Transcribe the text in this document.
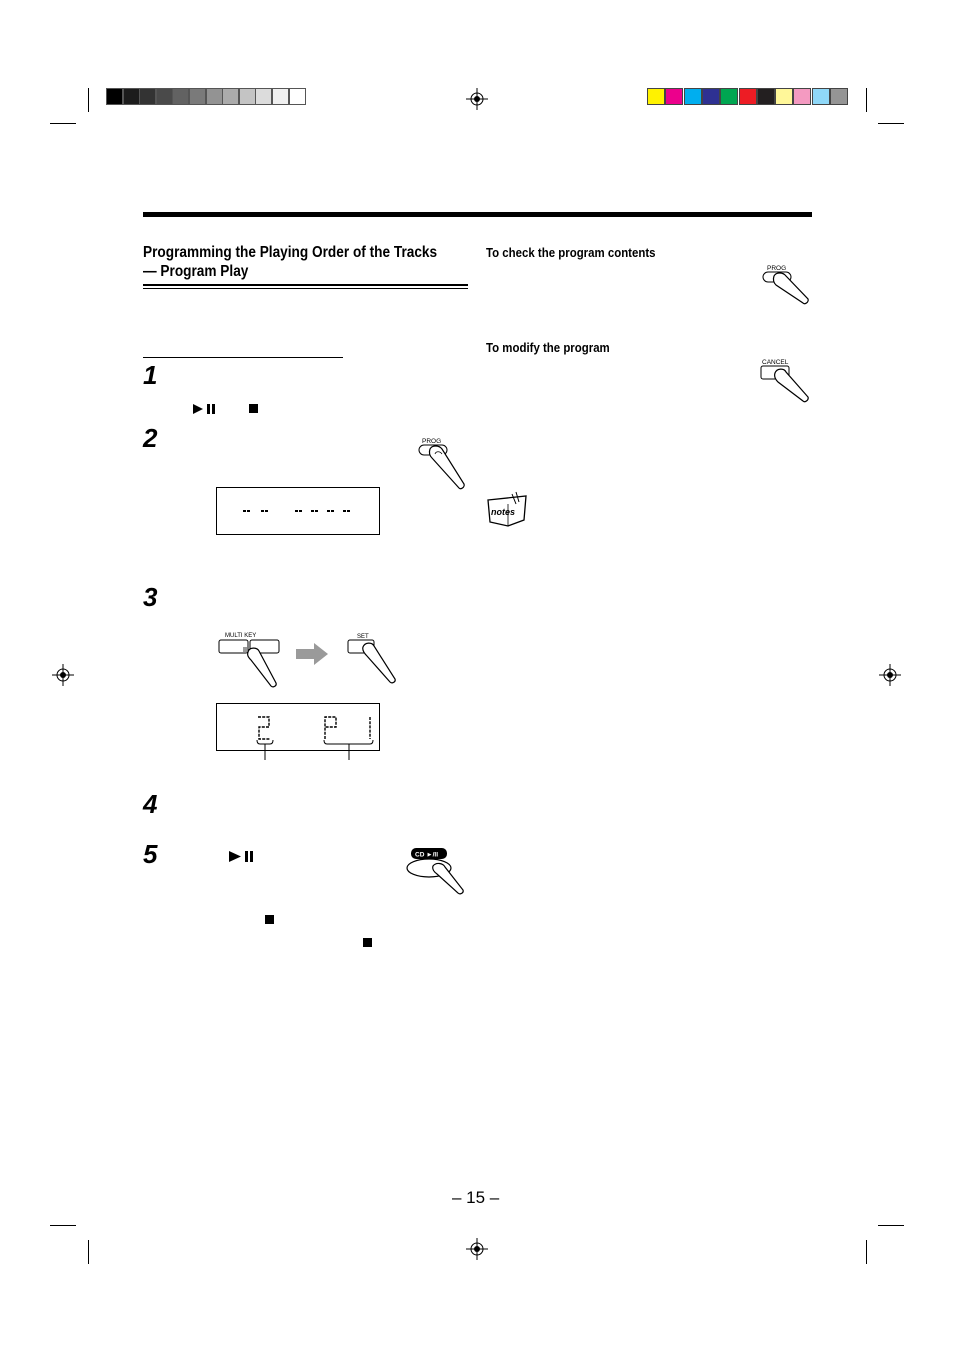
Programming the Playing Order of the Tracks
— Program Play
1
2
3
4
5
PROG
MULTI KEY	SET
CD ►/II
To check the program contents
PROG
To modify the program
CANCEL
notes
– 15 –
